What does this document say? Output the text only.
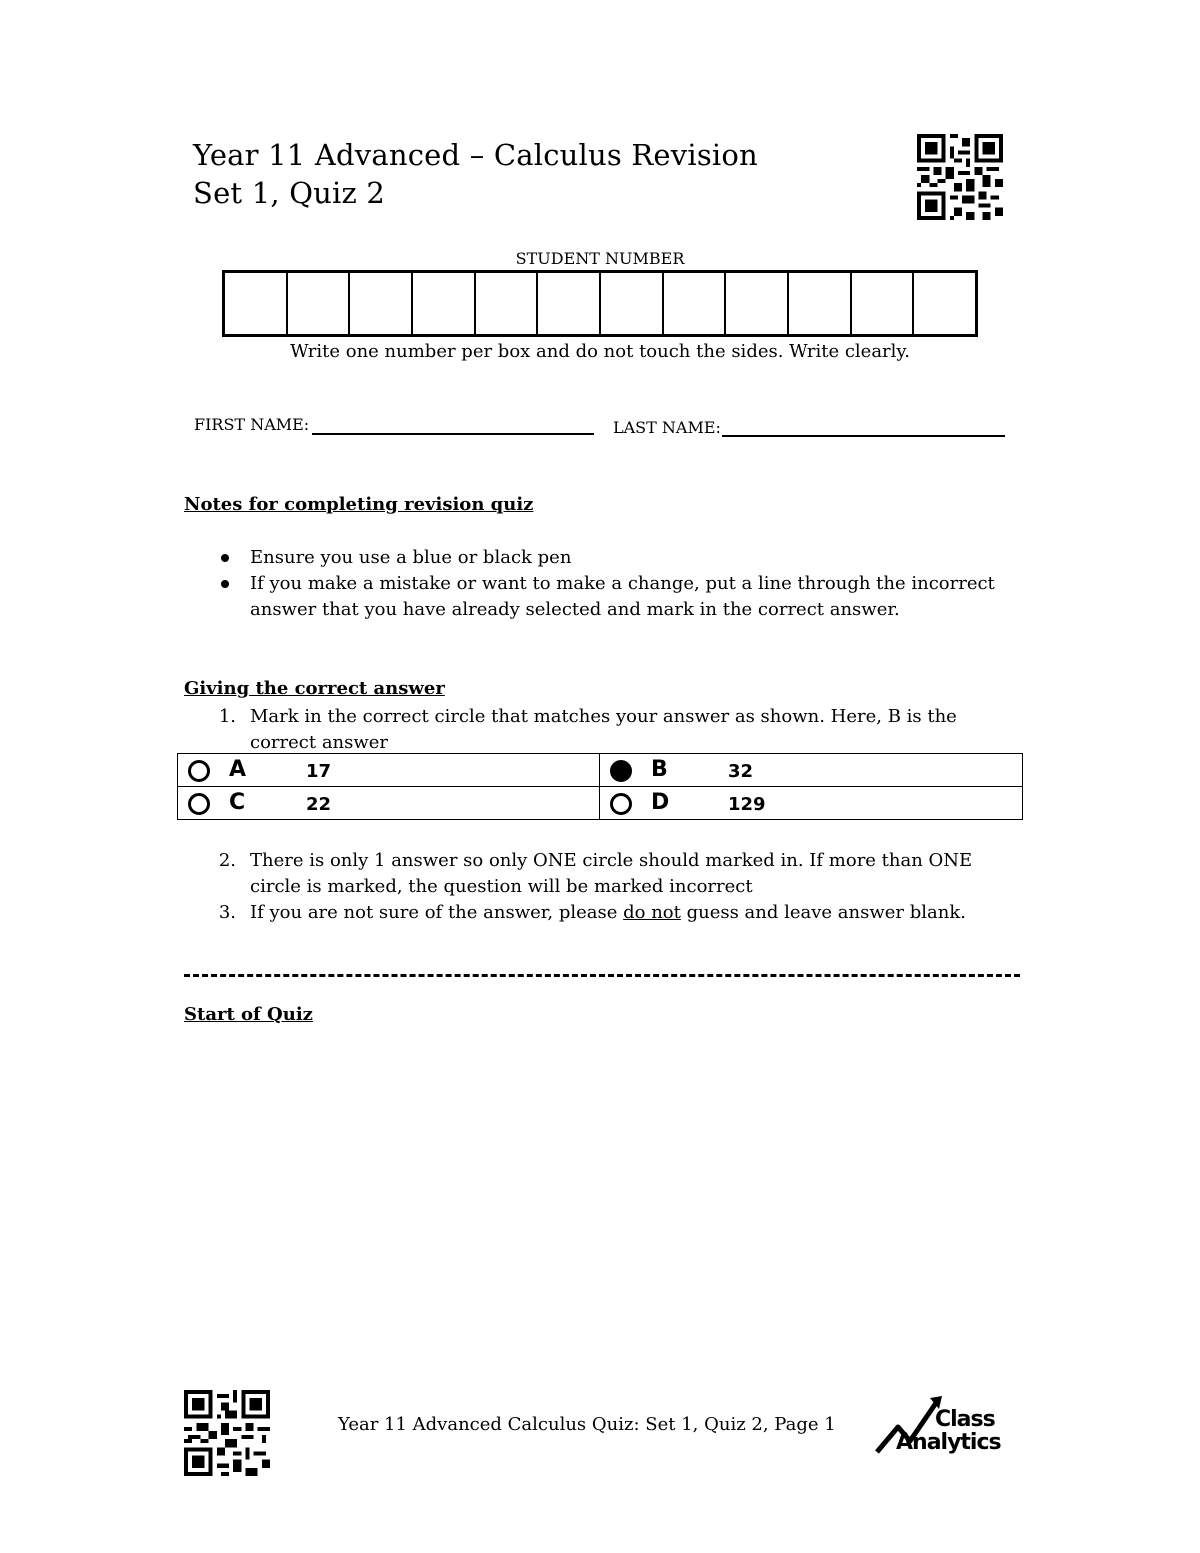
Year 11 Advanced – Calculus Revision
Set 1, Quiz 2
STUDENT NUMBER
Write one number per box and do not touch the sides. Write clearly.
FIRST NAME:	LAST NAME:
Notes for completing revision quiz
Ensure you use a blue or black pen
If you make a mistake or want to make a change, put a line through the incorrect answer that you have already selected and mark in the correct answer.
Giving the correct answer
1. Mark in the correct circle that matches your answer as shown. Here, B is the correct answer
A	17	B	32
C	22	D	129
2. There is only 1 answer so only ONE circle should marked in. If more than ONE circle is marked, the question will be marked incorrect
3. If you are not sure of the answer, please do not guess and leave answer blank.
Start of Quiz
Year 11 Advanced Calculus Quiz: Set 1, Quiz 2, Page 1	Class
Analytics
